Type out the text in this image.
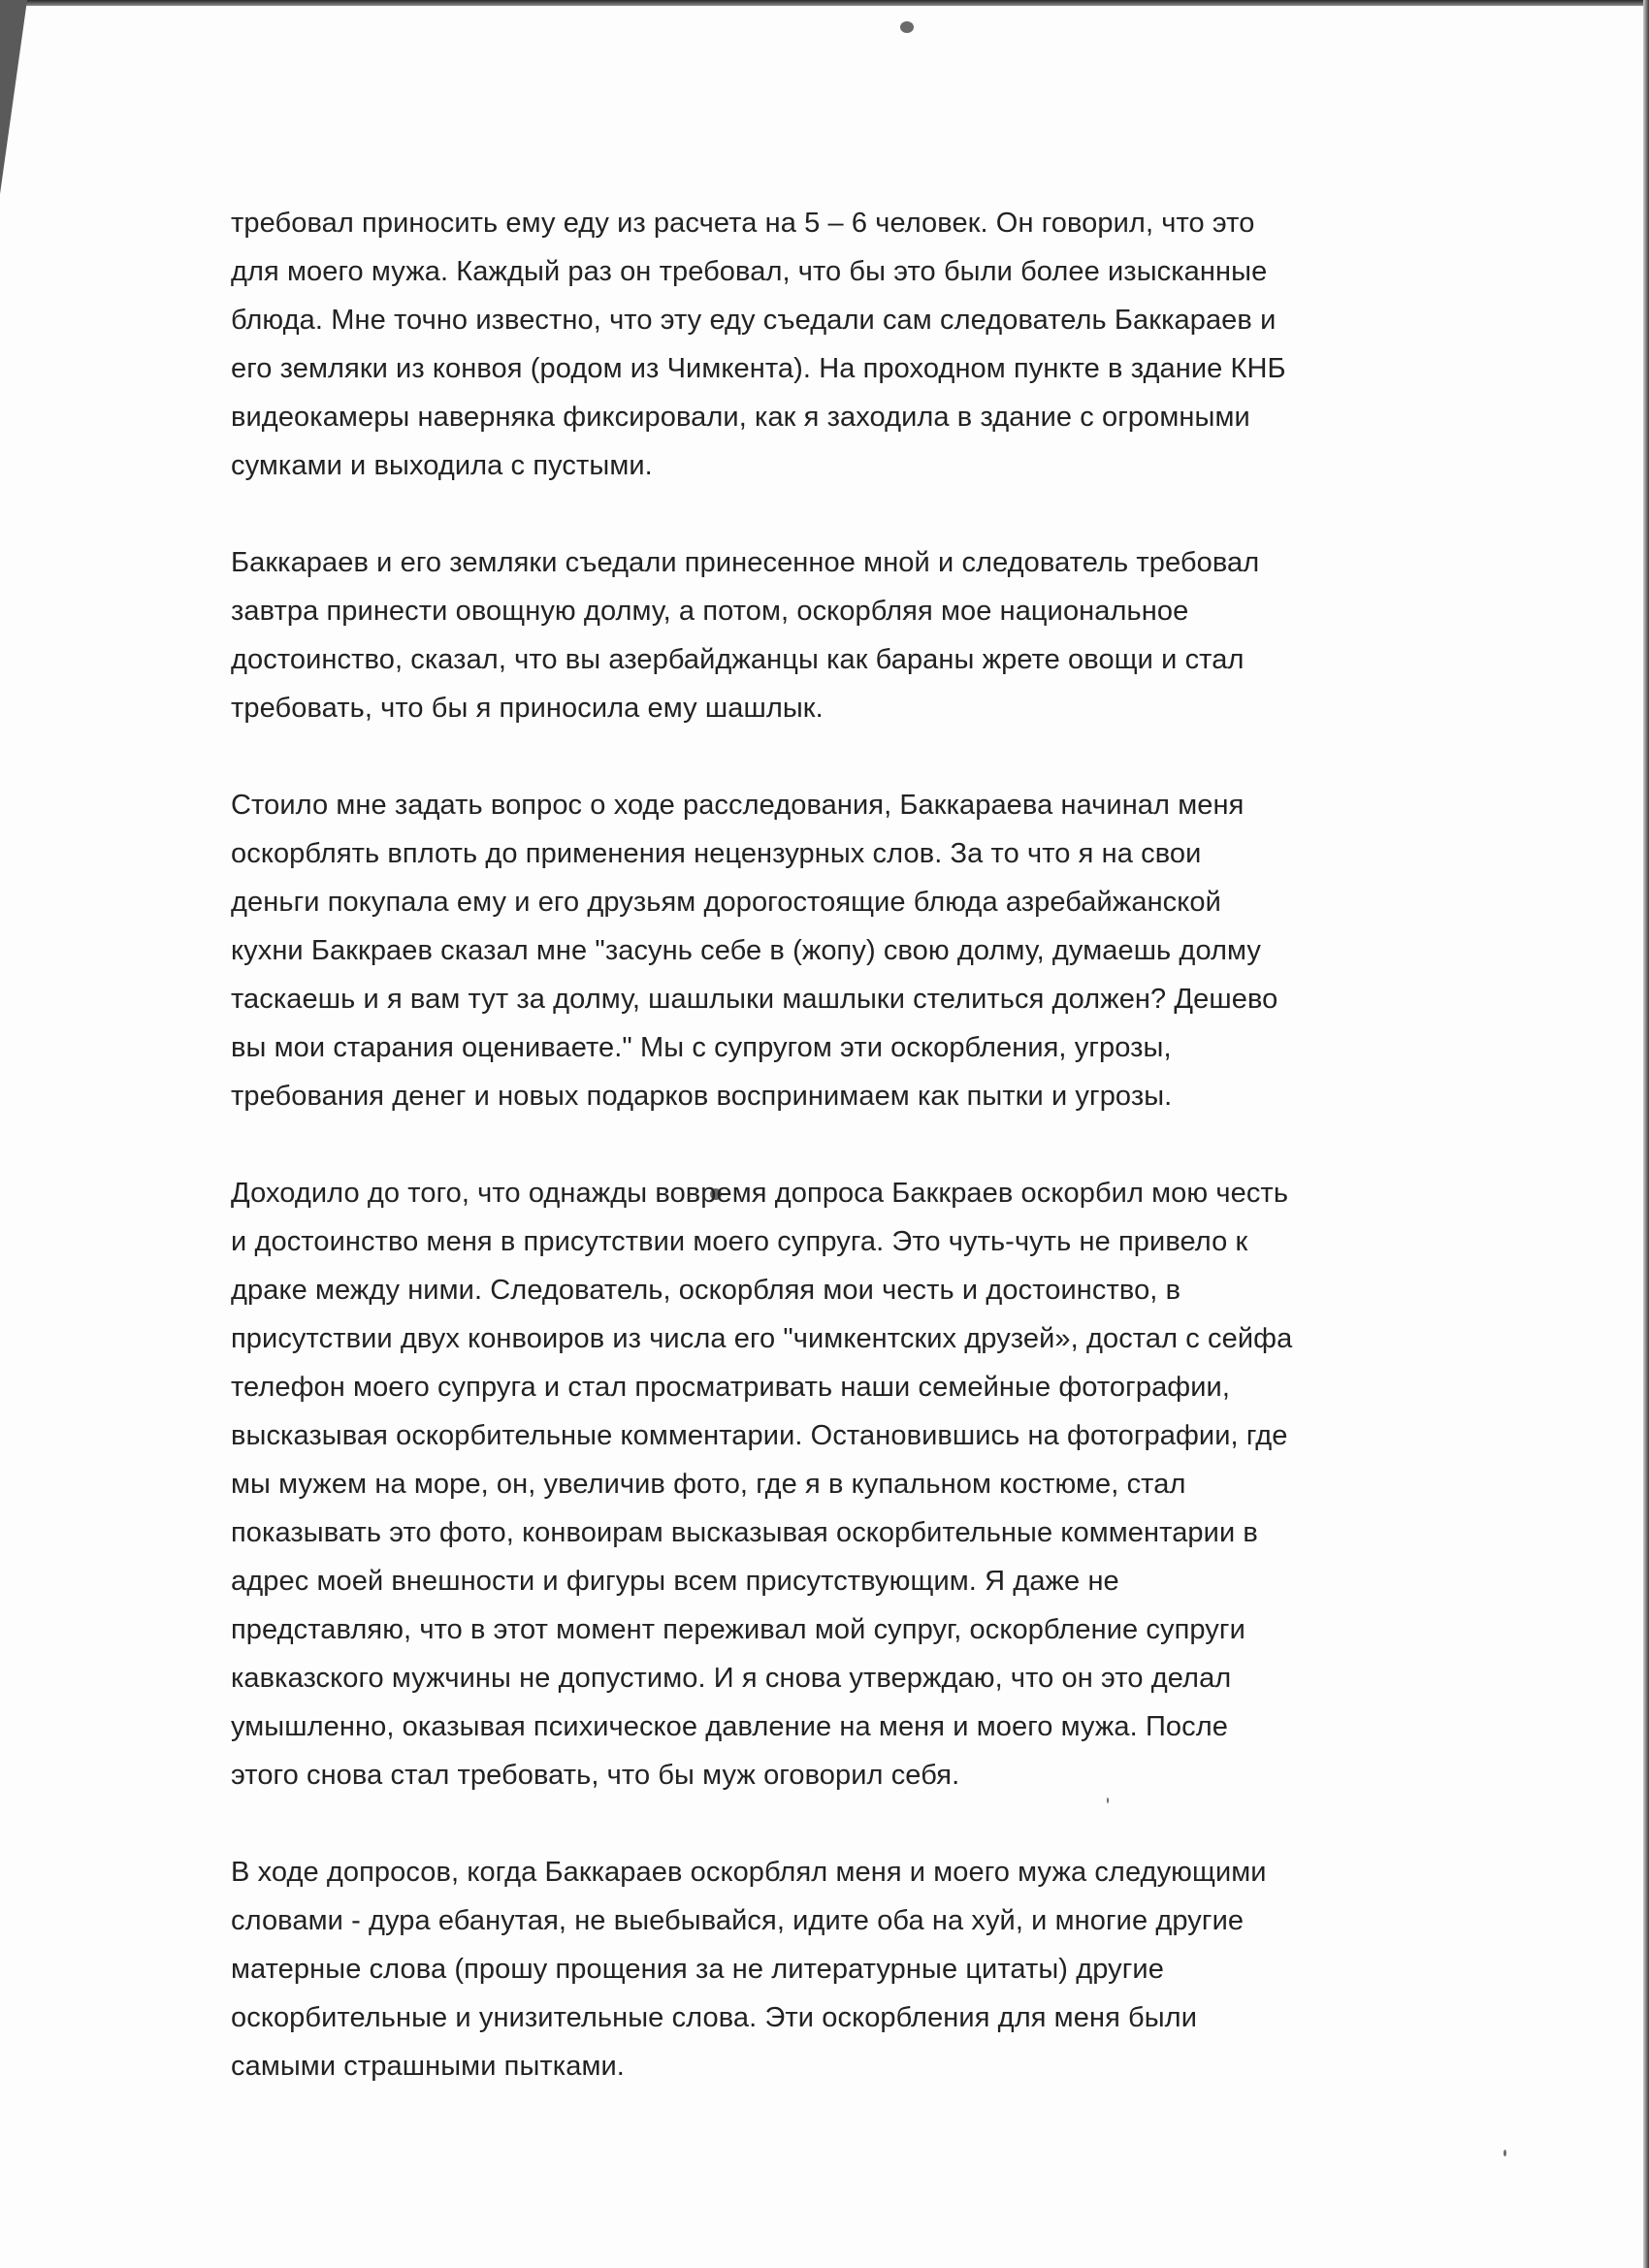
требовал приносить ему еду из расчета на 5 – 6 человек. Он говорил, что это
для моего мужа. Каждый раз он требовал, что бы это были более изысканные
блюда. Мне точно известно, что эту еду съедали сам следователь Баккараев и
его земляки из конвоя (родом из Чимкента). На проходном пункте в здание КНБ
видеокамеры наверняка фиксировали, как я заходила в здание с огромными
сумками и выходила с пустыми.

Баккараев и его земляки съедали принесенное мной и следователь требовал
завтра принести овощную долму, а потом, оскорбляя мое национальное
достоинство, сказал, что вы азербайджанцы как бараны жрете овощи и стал
требовать, что бы я приносила ему шашлык.

Стоило мне задать вопрос о ходе расследования, Баккараева начинал меня
оскорблять вплоть до применения нецензурных слов. За то что я на свои
деньги покупала ему и его друзьям дорогостоящие блюда азребайжанской
кухни Баккраев сказал мне "засунь себе в (жопу) свою долму, думаешь долму
таскаешь и я вам тут за долму, шашлыки машлыки стелиться должен? Дешево
вы мои старания оцениваете." Мы с супругом эти оскорбления, угрозы,
требования денег и новых подарков воспринимаем как пытки и угрозы.

Доходило до того, что однажды вовремя допроса Баккраев оскорбил мою честь
и достоинство меня в присутствии моего супруга. Это чуть-чуть не привело к
драке между ними. Следователь, оскорбляя мои честь и достоинство, в
присутствии двух конвоиров из числа его "чимкентских друзей», достал с сейфа
телефон моего супруга и стал просматривать наши семейные фотографии,
высказывая оскорбительные комментарии. Остановившись на фотографии, где
мы мужем на море, он, увеличив фото, где я в купальном костюме, стал
показывать это фото, конвоирам высказывая оскорбительные комментарии в
адрес моей внешности и фигуры всем присутствующим. Я даже не
представляю, что в этот момент переживал мой супруг, оскорбление супруги
кавказского мужчины не допустимо. И я снова утверждаю, что он это делал
умышленно, оказывая психическое давление на меня и моего мужа. После
этого снова стал требовать, что бы муж оговорил себя.

В ходе допросов, когда Баккараев оскорблял меня и моего мужа следующими
словами - дура ебанутая, не выебывайся, идите оба на хуй, и многие другие
матерные слова (прошу прощения за не литературные цитаты) другие
оскорбительные и унизительные слова. Эти оскорбления для меня были
самыми страшными пытками.
